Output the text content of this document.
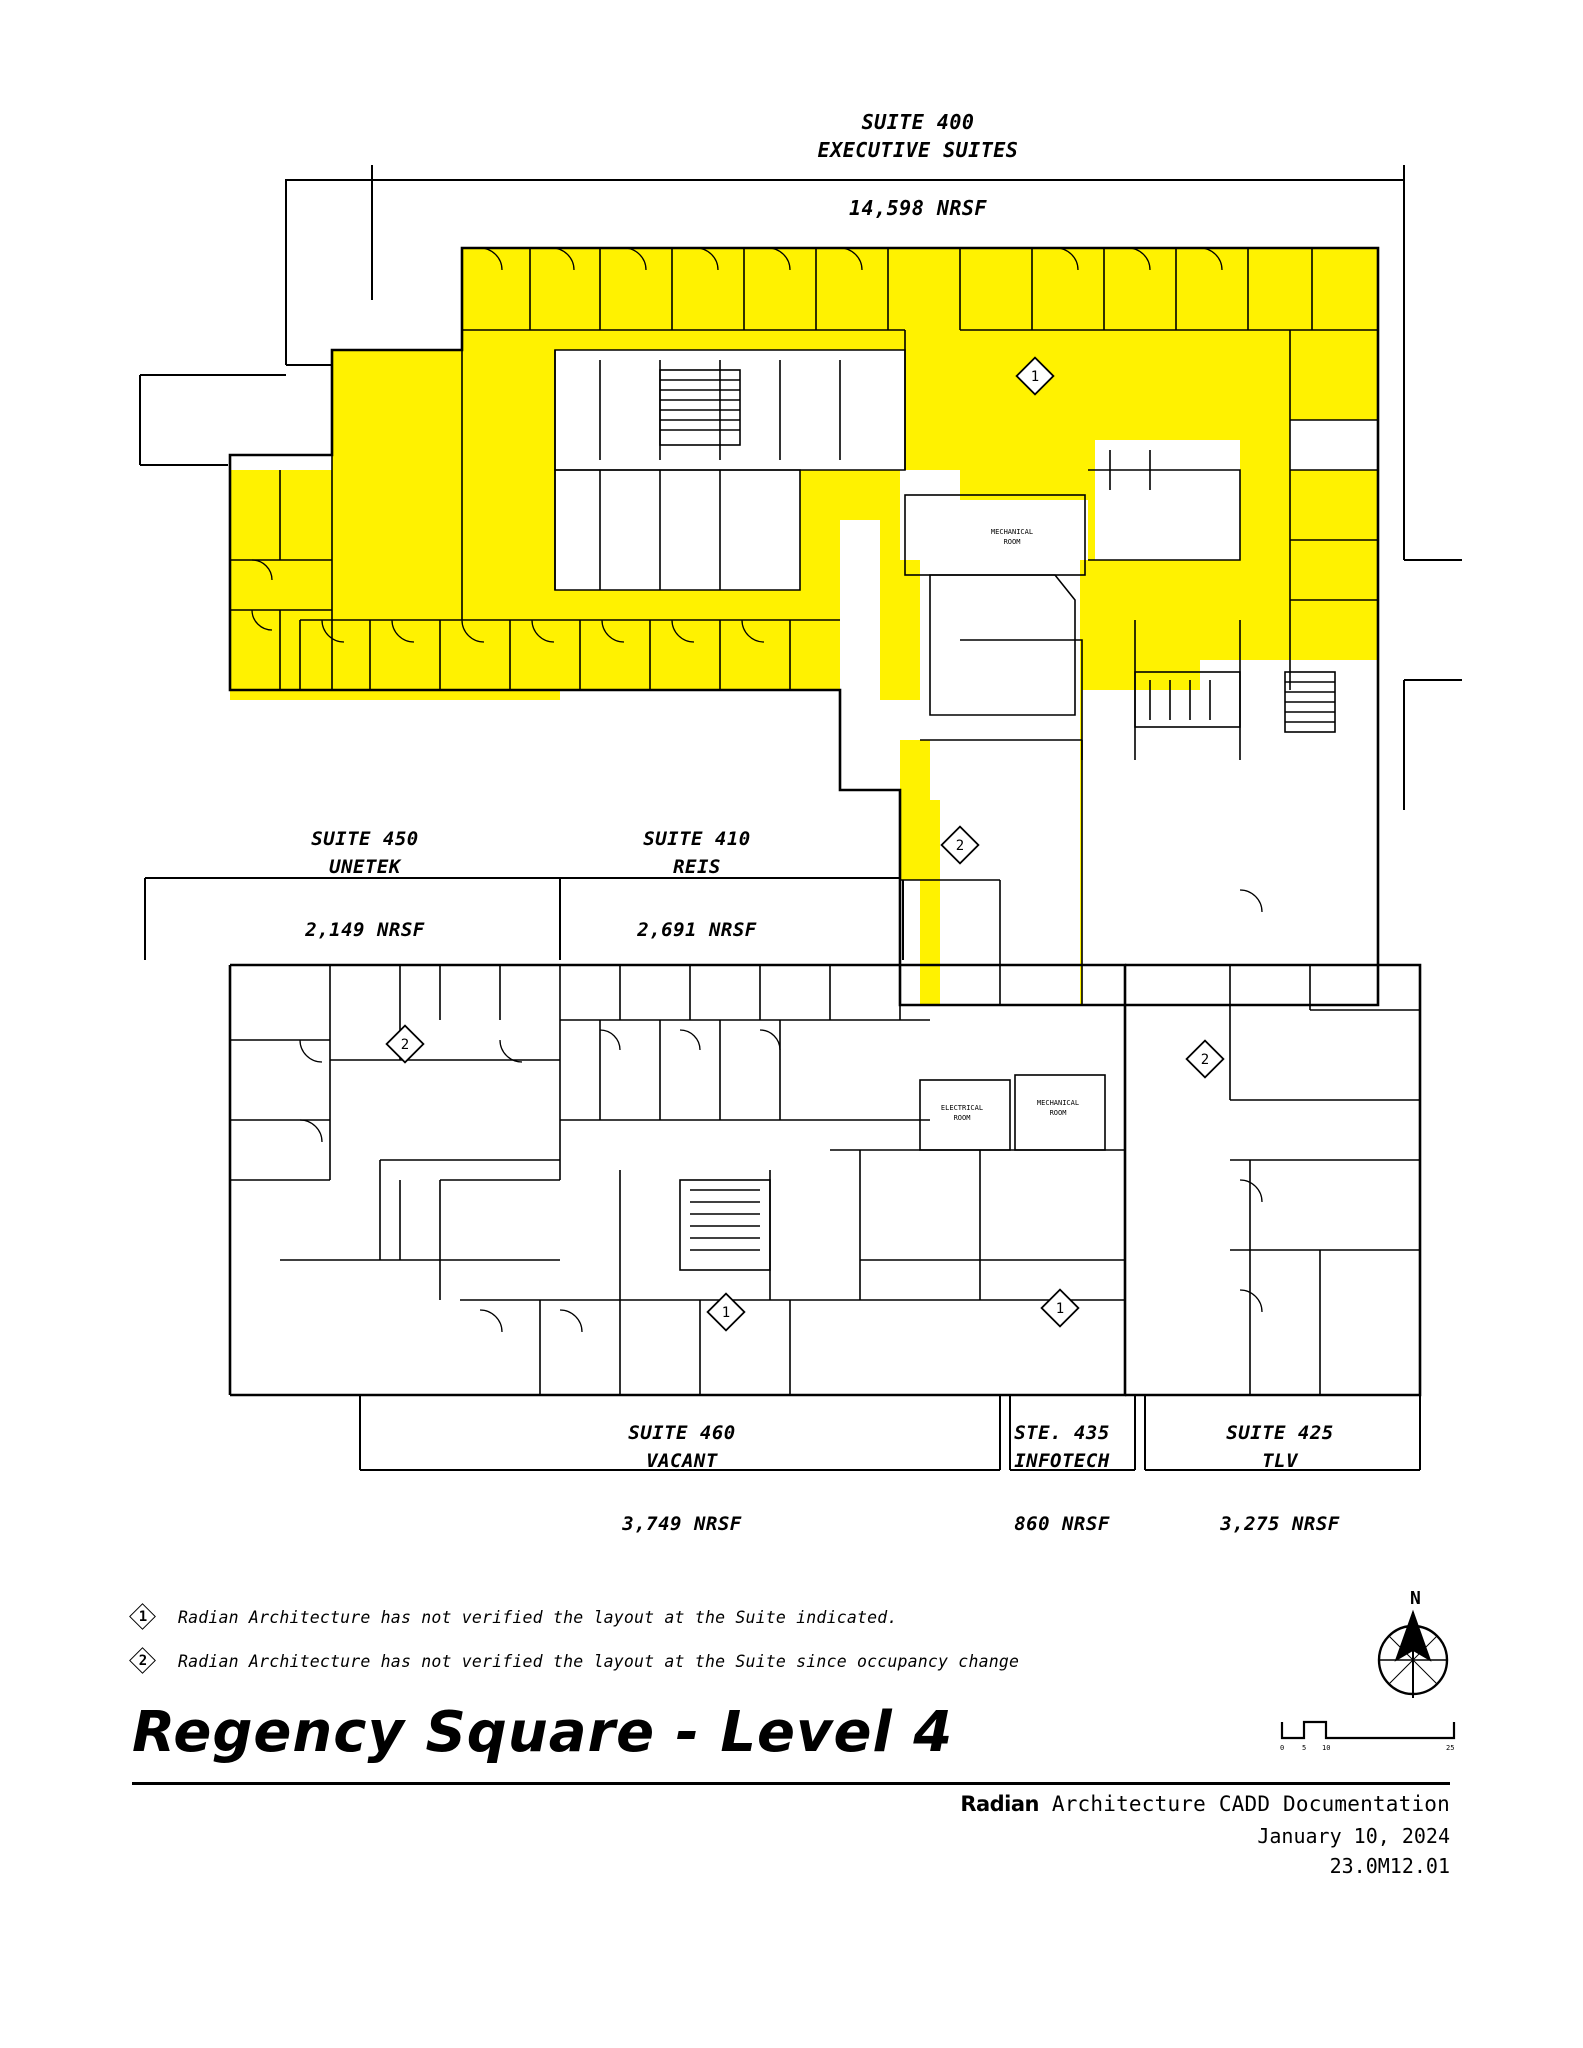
SUITE 400
EXECUTIVE SUITES
14,598 NRSF
SUITE 450
UNETEK
2,149 NRSF
SUITE 410
REIS
2,691 NRSF
SUITE 460
VACANT
3,749 NRSF
STE. 435
INFOTECH
860 NRSF
SUITE 425
TLV
3,275 NRSF
MECHANICAL
ROOM
ELECTRICAL
ROOM
MECHANICAL
ROOM
1
2
2
2
1	1
1	Radian Architecture has not verified the layout at the Suite indicated.
2	Radian Architecture has not verified the layout at the Suite since occupancy change
N
0	5 10	25
Regency Square - Level 4
Radian Architecture CADD Documentation
January 10, 2024
23.0M12.01
